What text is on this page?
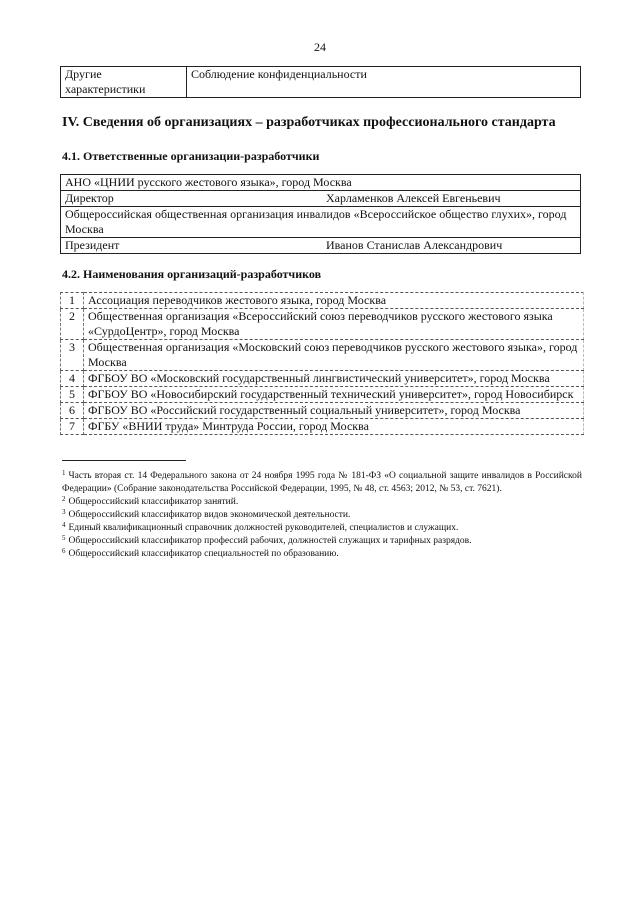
24
Другие характеристики	Соблюдение конфиденциальности
IV. Сведения об организациях – разработчиках профессионального стандарта
4.1. Ответственные организации-разработчики
АНО «ЦНИИ русского жестового языка», город Москва	
Директор	Харламенков Алексей Евгеньевич
Общероссийская общественная организация инвалидов «Всероссийское общество глухих», город Москва	
Президент	Иванов Станислав Александрович
4.2. Наименования организаций-разработчиков
1	Ассоциация переводчиков жестового языка, город Москва
2	Общественная организация «Всероссийский союз переводчиков русского жестового языка «СурдоЦентр», город Москва
3	Общественная организация «Московский союз переводчиков русского жестового языка», город Москва
4	ФГБОУ ВО «Московский государственный лингвистический университет», город Москва
5	ФГБОУ ВО «Новосибирский государственный технический университет», город Новосибирск
6	ФГБОУ ВО «Российский государственный социальный университет», город Москва
7	ФГБУ «ВНИИ труда» Минтруда России, город Москва
$^1$ Часть вторая ст. 14 Федерального закона от 24 ноября 1995 года № 181-ФЗ «О социальной защите инвалидов в Российской Федерации» (Собрание законодательства Российской Федерации, 1995, № 48, ст. 4563; 2012, № 53, ст. 7621).
$^2$ Общероссийский классификатор занятий.
$^3$ Общероссийский классификатор видов экономической деятельности.
$^4$ Единый квалификационный справочник должностей руководителей, специалистов и служащих.
$^5$ Общероссийский классификатор профессий рабочих, должностей служащих и тарифных разрядов.
$^6$ Общероссийский классификатор специальностей по образованию.
